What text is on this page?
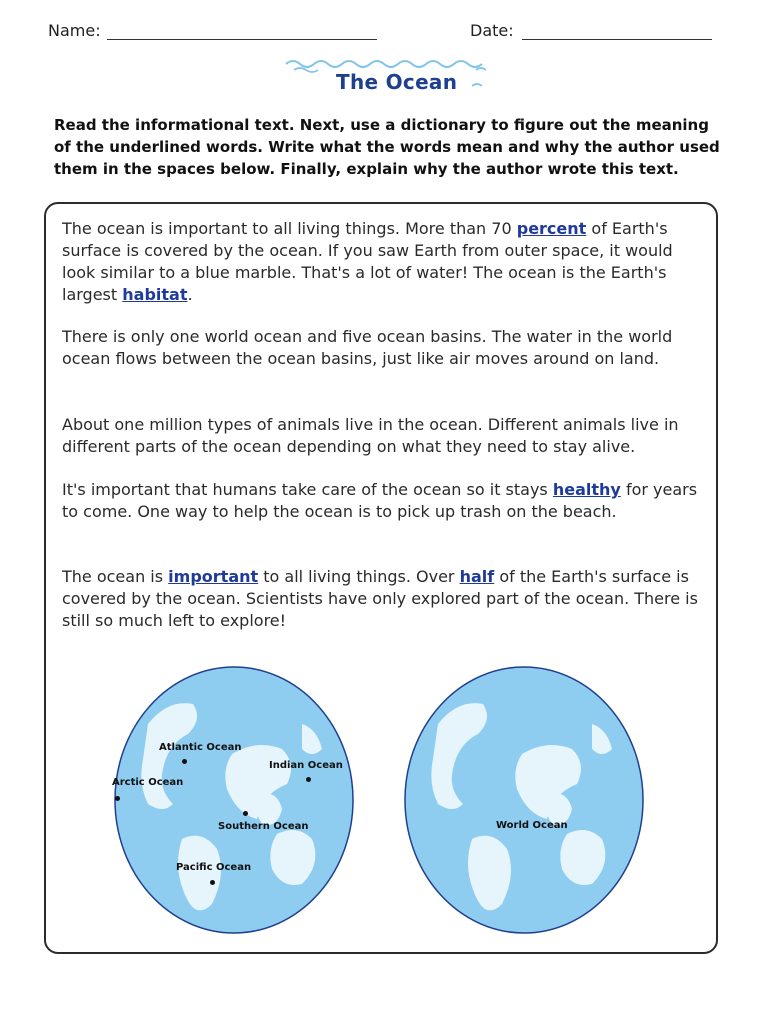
Name:	Date:
The Ocean
Read the informational text. Next, use a dictionary to figure out the meaning of the underlined words. Write what the words mean and why the author used them in the spaces below. Finally, explain why the author wrote this text.

The ocean is important to all living things. More than 70 percent of Earth's surface is covered by the ocean. If you saw Earth from outer space, it would look similar to a blue marble. That's a lot of water! The ocean is the Earth's largest habitat.

There is only one world ocean and five ocean basins. The water in the world ocean flows between the ocean basins, just like air moves around on land.

About one million types of animals live in the ocean. Different animals live in different parts of the ocean depending on what they need to stay alive.

It's important that humans take care of the ocean so it stays healthy for years to come. One way to help the ocean is to pick up trash on the beach.

The ocean is important to all living things. Over half of the Earth's surface is covered by the ocean. Scientists have only explored part of the ocean. There is still so much left to explore!

Atlantic Ocean
Indian Ocean
Arctic Ocean
Southern Ocean
Pacific Ocean
World Ocean
